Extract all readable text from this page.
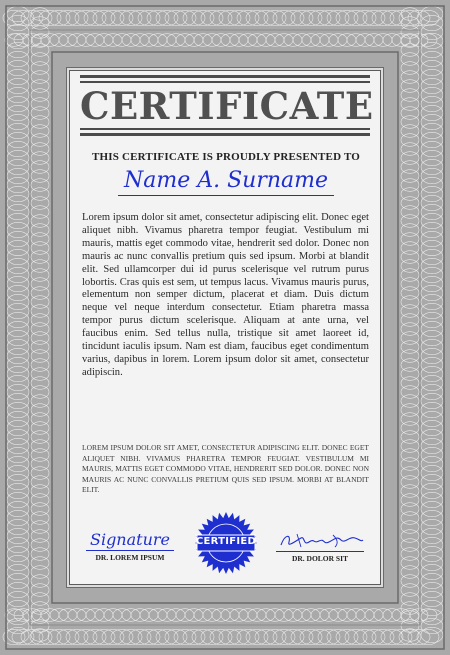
CERTIFICATE
THIS CERTIFICATE IS PROUDLY PRESENTED TO
Name A. Surname
Lorem ipsum dolor sit amet, consectetur adipiscing elit. Donec eget aliquet nibh. Vivamus pharetra tempor feugiat. Vestibulum mi mauris, mattis eget commodo vitae, hendrerit sed dolor. Donec non mauris ac nunc convallis pretium quis sed ipsum. Morbi at blandit elit. Sed ullamcorper dui id purus scelerisque vel rutrum purus lobortis. Cras quis est sem, ut tempus lacus. Vivamus mauris purus, elementum non semper dictum, placerat et diam. Duis dictum neque vel neque interdum consectetur. Etiam pharetra massa tempor purus dictum scelerisque. Aliquam at ante urna, vel faucibus enim. Sed tellus nulla, tristique sit amet laoreet id, tincidunt iaculis ipsum. Nam est diam, faucibus eget condimentum varius, dapibus in lorem. Lorem ipsum dolor sit amet, consectetur adipiscin.
LOREM IPSUM DOLOR SIT AMET, CONSECTETUR ADIPISCING ELIT. DONEC EGET ALIQUET NIBH. VIVAMUS PHARETRA TEMPOR FEUGIAT. VESTIBULUM MI MAURIS, MATTIS EGET COMMODO VITAE, HENDRERIT SED DOLOR. DONEC NON MAURIS AC NUNC CONVALLIS PRETIUM QUIS SED IPSUM. MORBI AT BLANDIT ELIT.
Signature
DR. LOREM IPSUM
CERTIFIED
DR. DOLOR SIT
